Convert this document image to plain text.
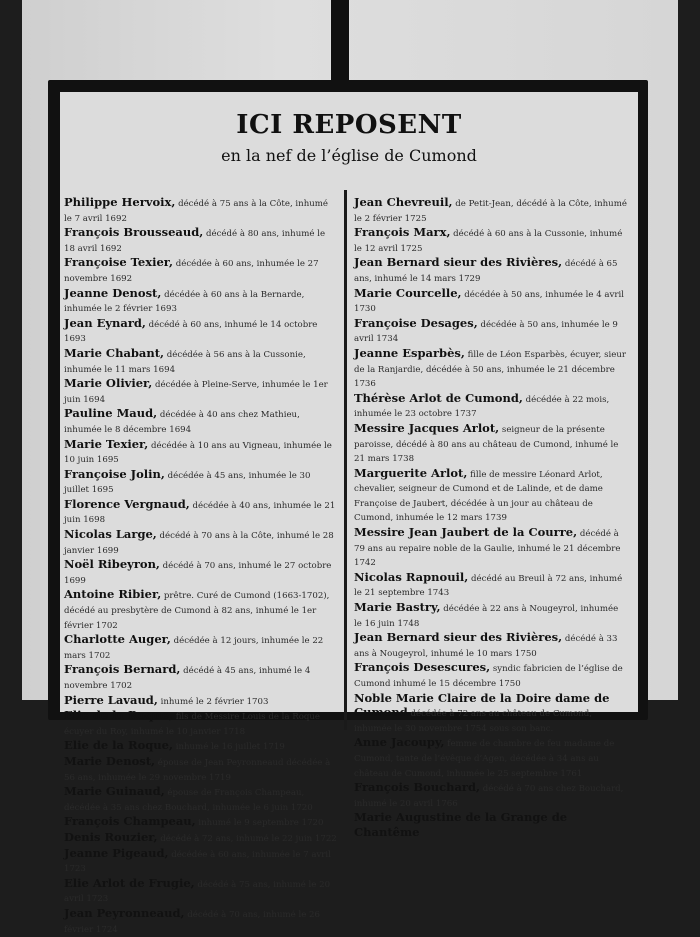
ICI REPOSENT
en la nef de l’église de Cumond

Philippe Hervoix, décédé à 75 ans à la Côte, inhumé le 7 avril 1692

François Brousseaud, décédé à 80 ans, inhumé le 18 avril 1692

Françoise Texier, décédée à 60 ans, inhumée le 27 novembre 1692

Jeanne Denost, décédée à 60 ans à la Bernarde, inhumée le 2 février 1693

Jean Eynard, décédé à 60 ans, inhumé le 14 octobre 1693

Marie Chabant, décédée à 56 ans à la Cussonie, inhumée le 11 mars 1694

Marie Olivier, décédée à Pleine-Serve, inhumée le 1er juin 1694

Pauline Maud, décédée à 40 ans chez Mathieu, inhumée le 8 décembre 1694

Marie Texier, décédée à 10 ans au Vigneau, inhumée le 10 juin 1695

Françoise Jolin, décédée à 45 ans, inhumée le 30 juillet 1695

Florence Vergnaud, décédée à 40 ans, inhumée le 21 juin 1698

Nicolas Large, décédé à 70 ans à la Côte, inhumé le 28 janvier 1699

Noël Ribeyron, décédé à 70 ans, inhumé le 27 octobre 1699

Antoine Ribier, prêtre. Curé de Cumond (1663-1702), décédé au presbytère de Cumond à 82 ans, inhumé le 1er février 1702

Charlotte Auger, décédée à 12 jours, inhumée le 22 mars 1702

François Bernard, décédé à 45 ans, inhumé le 4 novembre 1702

Pierre Lavaud, inhumé le 2 février 1703

Elie de la Roque, fils de Messire Louis de la Roque écuyer du Roy, inhumé le 10 janvier 1718

Elie de la Roque, inhumé le 16 juillet 1719

Marie Denost, épouse de Jean Peyronneaud décédée à 56 ans, inhumée le 29 novembre 1719

Marie Guinaud, épouse de François Champeau, décédée à 35 ans chez Bouchard, inhumée le 6 juin 1720

François Champeau, inhumé le 9 septembre 1720

Denis Rouzier, décédé à 72 ans, inhumé le 22 juin 1722

Jeanne Pigeaud, décédée à 60 ans, inhumée le 7 avril 1723

Elie Arlot de Frugie, décédé à 75 ans, inhumé le 20 avril 1723

Jean Peyronneaud, décédé à 70 ans, inhumé le 26 février 1724

Jean Chevreuil, de Petit-Jean, décédé à la Côte, inhumé le 2 février 1725

François Marx, décédé à 60 ans à la Cussonie, inhumé le 12 avril 1725

Jean Bernard sieur des Rivières, décédé à 65 ans, inhumé le 14 mars 1729

Marie Courcelle, décédée à 50 ans, inhumée le 4 avril 1730

Françoise Desages, décédée à 50 ans, inhumée le 9 avril 1734

Jeanne Esparbès, fille de Léon Esparbès, écuyer, sieur de la Ranjardie, décédée à 50 ans, inhumée le 21 décembre 1736

Thérèse Arlot de Cumond, décédée à 22 mois, inhumée le 23 octobre 1737

Messire Jacques Arlot, seigneur de la présente paroisse, décédé à 80 ans au château de Cumond, inhumé le 21 mars 1738

Marguerite Arlot, fille de messire Léonard Arlot, chevalier, seigneur de Cumond et de Lalinde, et de dame Françoise de Jaubert, décédée à un jour au château de Cumond, inhumée le 12 mars 1739

Messire Jean Jaubert de la Courre, décédé à 79 ans au repaire noble de la Gaulie, inhumé le 21 décembre 1742

Nicolas Rapnouil, décédé au Breuil à 72 ans, inhumé le 21 septembre 1743

Marie Bastry, décédée à 22 ans à Nougeyrol, inhumée le 16 juin 1748

Jean Bernard sieur des Rivières, décédé à 33 ans à Nougeyrol, inhumé le 10 mars 1750

François Desescures, syndic fabricien de l’église de Cumond inhumé le 15 décembre 1750

Noble Marie Claire de la Doire dame de Cumond décédée à 72 ans au château de Cumond, inhumée le 30 novembre 1754 sous son banc.

Anne Jacoupy, femme de chambre de feu madame de Cumond, tante de l’évêque d’Agen, décédée à 34 ans au château de Cumond, inhumée le 25 septembre 1761

François Bouchard, décédé à 70 ans chez Bouchard, inhumé le 20 avril 1766

Marie Augustine de la Grange de Chantême
